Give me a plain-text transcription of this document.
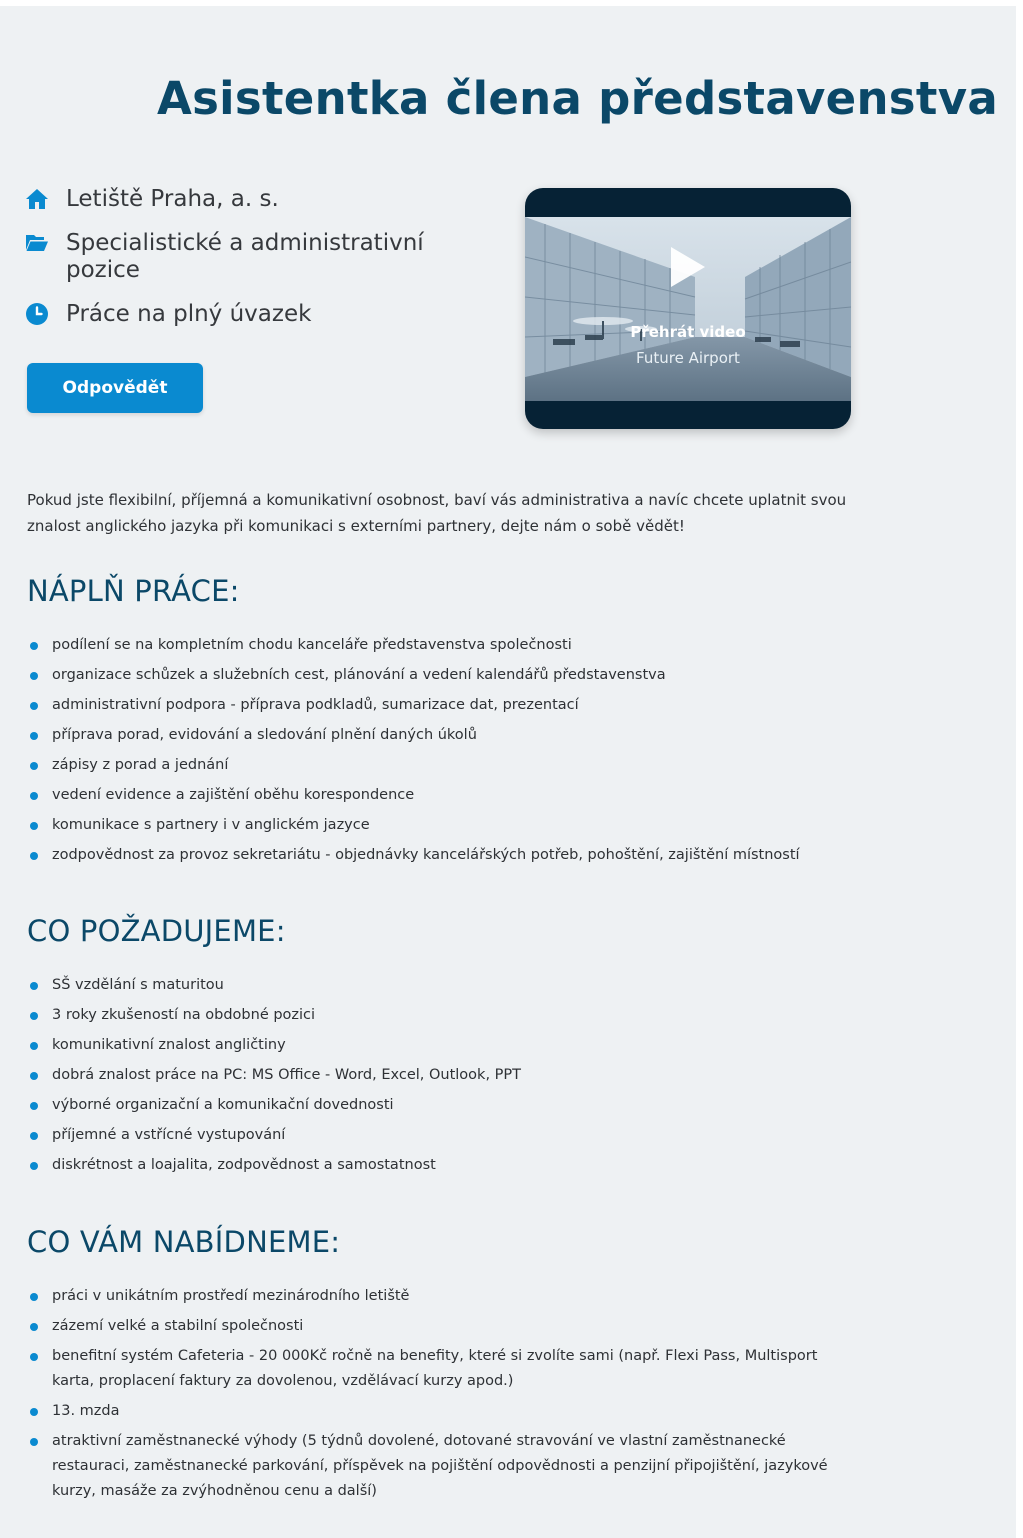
Asistentka člena představenstva
Letiště Praha, a. s.
Specialistické a administrativní pozice
Práce na plný úvazek
Odpovědět
Přehrát video
Future Airport

Pokud jste flexibilní, příjemná a komunikativní osobnost, baví vás administrativa a navíc chcete uplatnit svou znalost anglického jazyka při komunikaci s externími partnery, dejte nám o sobě vědět!

NÁPLŇ PRÁCE:
podílení se na kompletním chodu kanceláře představenstva společnosti
organizace schůzek a služebních cest, plánování a vedení kalendářů představenstva
administrativní podpora - příprava podkladů, sumarizace dat, prezentací
příprava porad, evidování a sledování plnění daných úkolů
zápisy z porad a jednání
vedení evidence a zajištění oběhu korespondence
komunikace s partnery i v anglickém jazyce
zodpovědnost za provoz sekretariátu - objednávky kancelářských potřeb, pohoštění, zajištění místností
CO POŽADUJEME:
SŠ vzdělání s maturitou
3 roky zkušeností na obdobné pozici
komunikativní znalost angličtiny
dobrá znalost práce na PC: MS Office - Word, Excel, Outlook, PPT
výborné organizační a komunikační dovednosti
příjemné a vstřícné vystupování
diskrétnost a loajalita, zodpovědnost a samostatnost
CO VÁM NABÍDNEME:
práci v unikátním prostředí mezinárodního letiště
zázemí velké a stabilní společnosti
benefitní systém Cafeteria - 20 000Kč ročně na benefity, které si zvolíte sami (např. Flexi Pass, Multisport karta, proplacení faktury za dovolenou, vzdělávací kurzy apod.)
13. mzda
atraktivní zaměstnanecké výhody (5 týdnů dovolené, dotované stravování ve vlastní zaměstnanecké restauraci, zaměstnanecké parkování, příspěvek na pojištění odpovědnosti a penzijní připojištění, jazykové kurzy, masáže za zvýhodněnou cenu a další)
